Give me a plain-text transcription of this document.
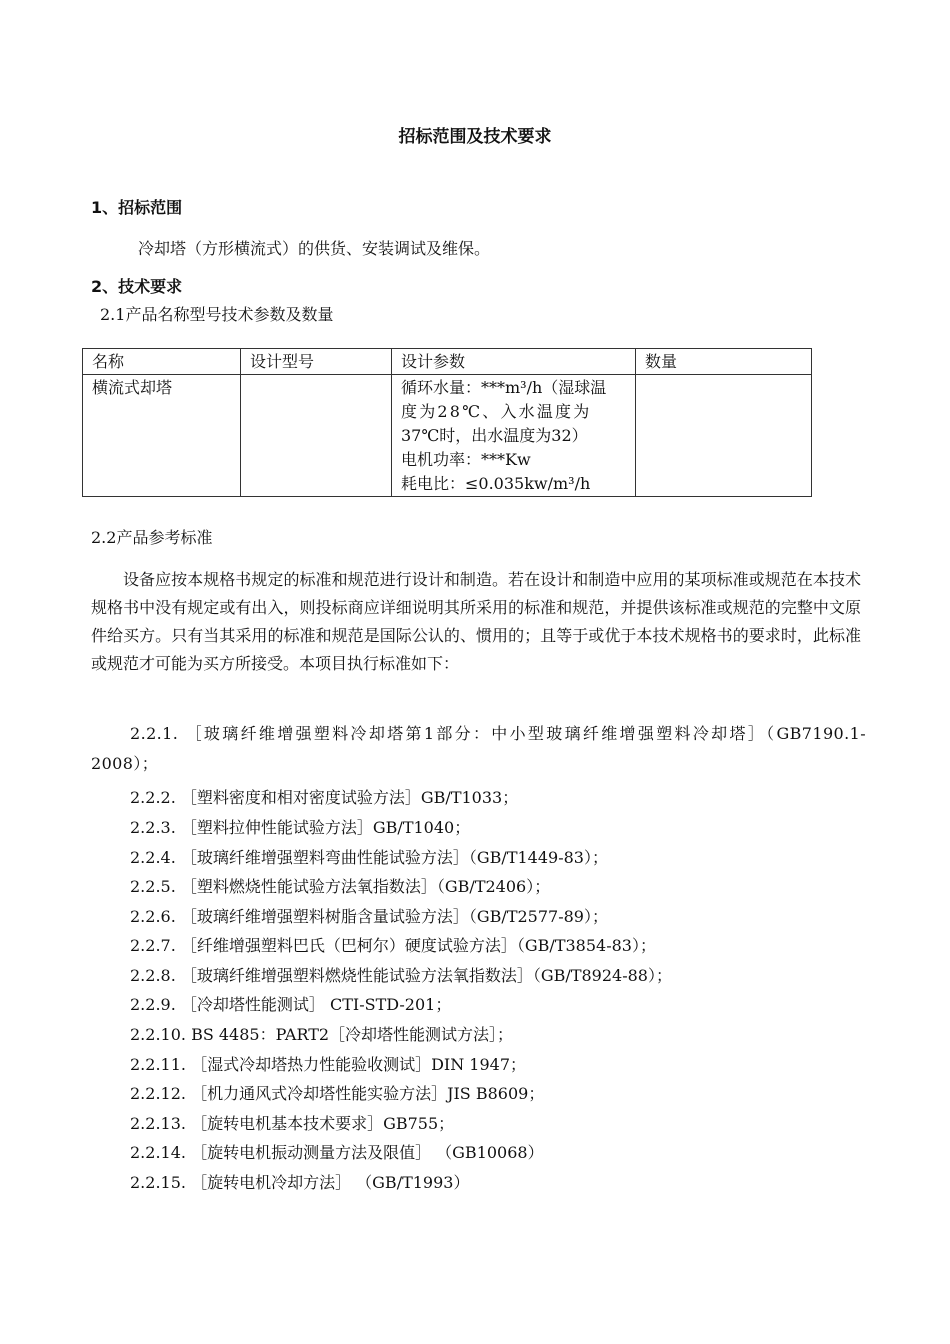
招标范围及技术要求
1、招标范围
冷却塔（方形横流式）的供货、安装调试及维保。
2、技术要求
2.1产品名称型号技术参数及数量
名称	设计型号	设计参数	数量
横流式却塔		循环水量：***m³/h（湿球温
度为28℃、入水温度为
37℃时，出水温度为32）
电机功率：***Kw
耗电比：≤0.035kw/m³/h	

2.2产品参考标准
设备应按本规格书规定的标准和规范进行设计和制造。若在设计和制造中应用的某项标准或规范在本技术规格书中没有规定或有出入，则投标商应详细说明其所采用的标准和规范，并提供该标准或规范的完整中文原件给买方。只有当其采用的标准和规范是国际公认的、惯用的；且等于或优于本技术规格书的要求时，此标准或规范才可能为买方所接受。本项目执行标准如下：
2.2.1. ［玻璃纤维增强塑料冷却塔第1部分：中小型玻璃纤维增强塑料冷却塔］（GB7190.1-2008）；
2.2.2. ［塑料密度和相对密度试验方法］GB/T1033；
2.2.3. ［塑料拉伸性能试验方法］GB/T1040；
2.2.4. ［玻璃纤维增强塑料弯曲性能试验方法］（GB/T1449-83）；
2.2.5. ［塑料燃烧性能试验方法氧指数法］（GB/T2406）；
2.2.6. ［玻璃纤维增强塑料树脂含量试验方法］（GB/T2577-89）；
2.2.7. ［纤维增强塑料巴氏（巴柯尔）硬度试验方法］（GB/T3854-83）；
2.2.8. ［玻璃纤维增强塑料燃烧性能试验方法氧指数法］（GB/T8924-88）；
2.2.9. ［冷却塔性能测试］ CTI-STD-201；
2.2.10. BS 4485：PART2［冷却塔性能测试方法］；
2.2.11. ［湿式冷却塔热力性能验收测试］DIN 1947；
2.2.12. ［机力通风式冷却塔性能实验方法］JIS B8609；
2.2.13. ［旋转电机基本技术要求］GB755；
2.2.14. ［旋转电机振动测量方法及限值］ （GB10068）
2.2.15. ［旋转电机冷却方法］ （GB/T1993）
